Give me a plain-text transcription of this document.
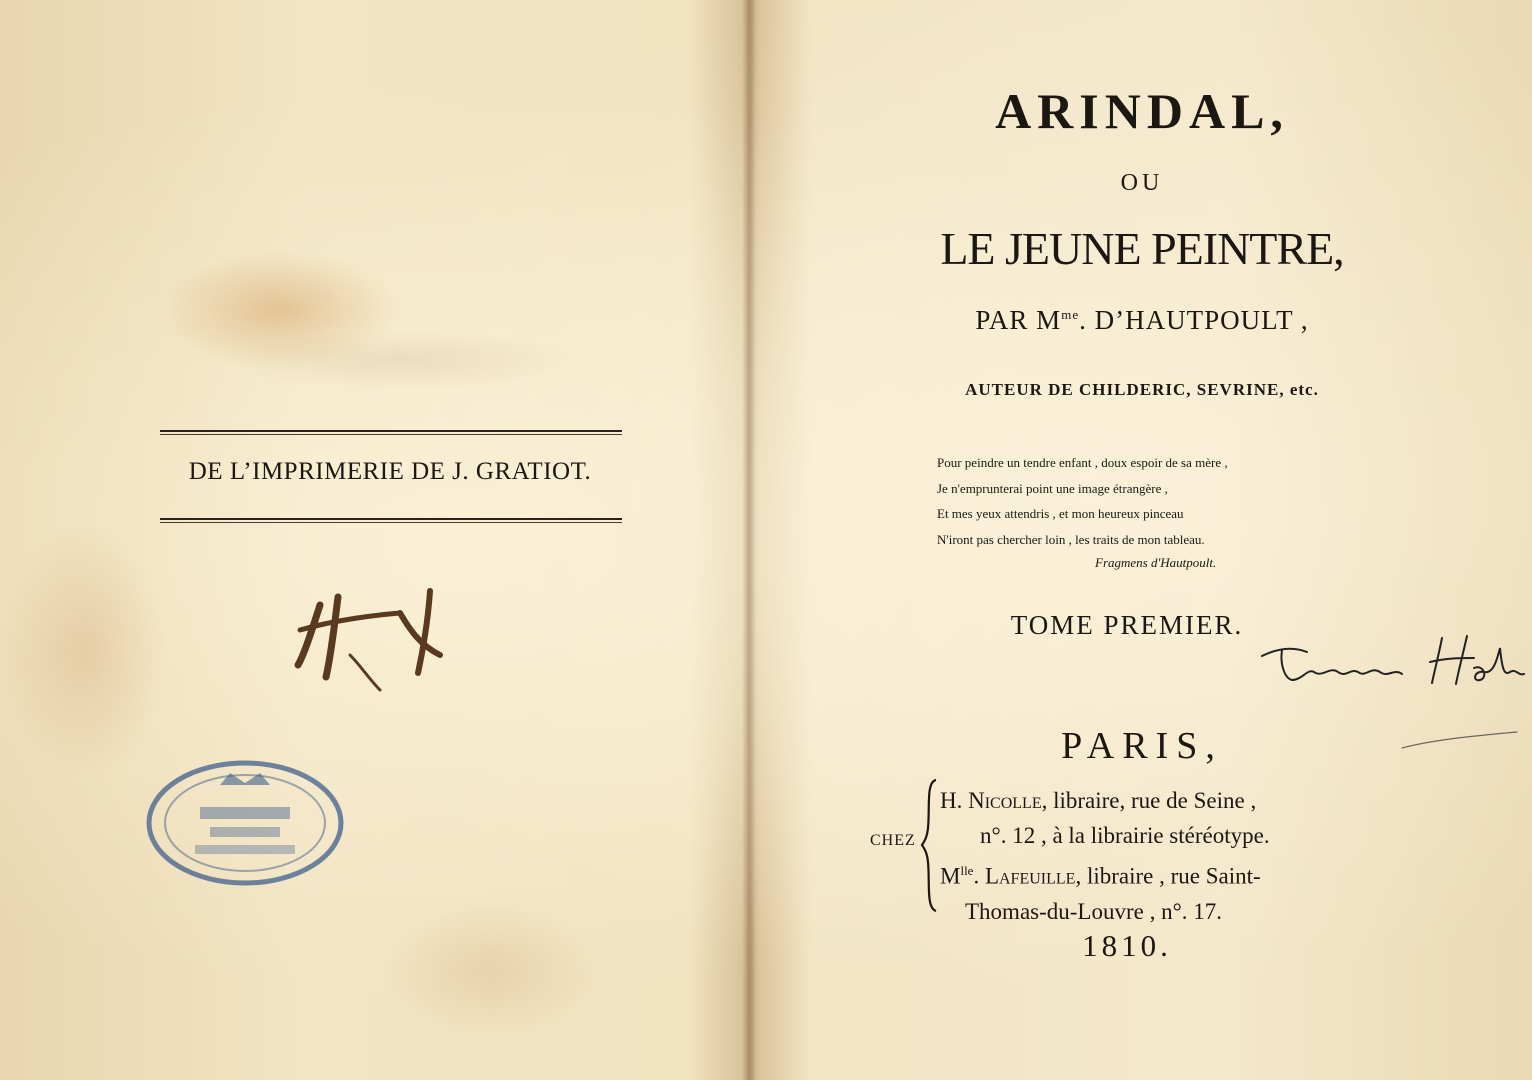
DE L’IMPRIMERIE DE J. GRATIOT.
ARINDAL,
OU
LE JEUNE PEINTRE,
PAR $M^{me}$. D’HAUTPOULT ,
AUTEUR DE CHILDERIC, SEVRINE, etc.
Pour peindre un tendre enfant , doux espoir de sa mère ,
Je n'emprunterai point une image étrangère ,
Et mes yeux attendris , et mon heureux pinceau
N'iront pas chercher loin , les traits de mon tableau.
Fragmens d'Hautpoult.
TOME PREMIER.
PARIS,
CHEZ
H. Nicolle, libraire, rue de Seine ,
n°. 12 , à la librairie stéréotype.
$M^{lle}$. Lafeuille, libraire , rue Saint-
Thomas-du-Louvre , n°. 17.
1810.
